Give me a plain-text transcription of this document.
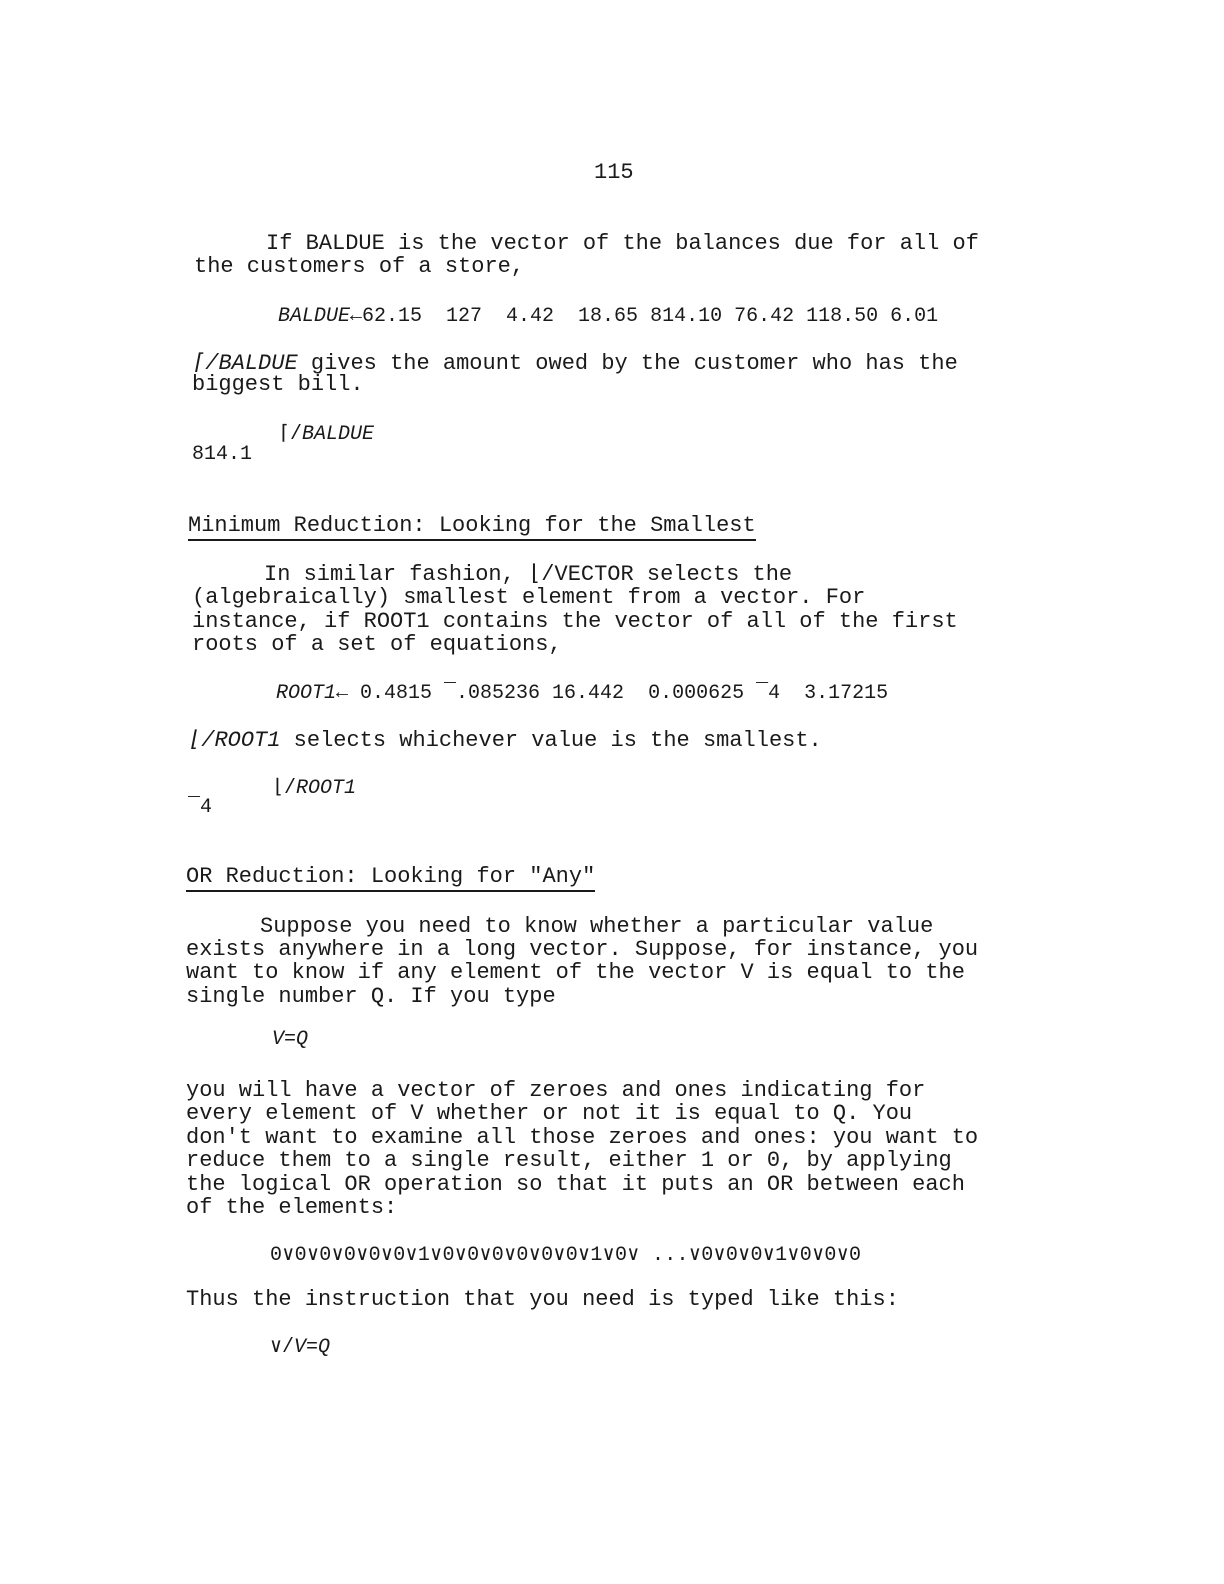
115
If BALDUE is the vector of the balances due for all of
the customers of a store,
BALDUE←62.15  127  4.42  18.65 814.10 76.42 118.50 6.01
⌈/BALDUE gives the amount owed by the customer who has the
biggest bill.
⌈/BALDUE
814.1
Minimum Reduction: Looking for the Smallest
In similar fashion, ⌊/VECTOR selects the
(algebraically) smallest element from a vector. For
instance, if ROOT1 contains the vector of all of the first
roots of a set of equations,
ROOT1← 0.4815 ¯.085236 16.442  0.000625 ¯4  3.17215
⌊/ROOT1 selects whichever value is the smallest.
⌊/ROOT1
¯4
OR Reduction: Looking for "Any"
Suppose you need to know whether a particular value
exists anywhere in a long vector. Suppose, for instance, you
want to know if any element of the vector V is equal to the
single number Q. If you type
V=Q
you will have a vector of zeroes and ones indicating for
every element of V whether or not it is equal to Q. You
don't want to examine all those zeroes and ones: you want to
reduce them to a single result, either 1 or 0, by applying
the logical OR operation so that it puts an OR between each
of the elements:
0∨0∨0∨0∨0∨0∨1∨0∨0∨0∨0∨0∨0∨1∨0∨ ...∨0∨0∨0∨1∨0∨0∨0
Thus the instruction that you need is typed like this:
∨/V=Q
